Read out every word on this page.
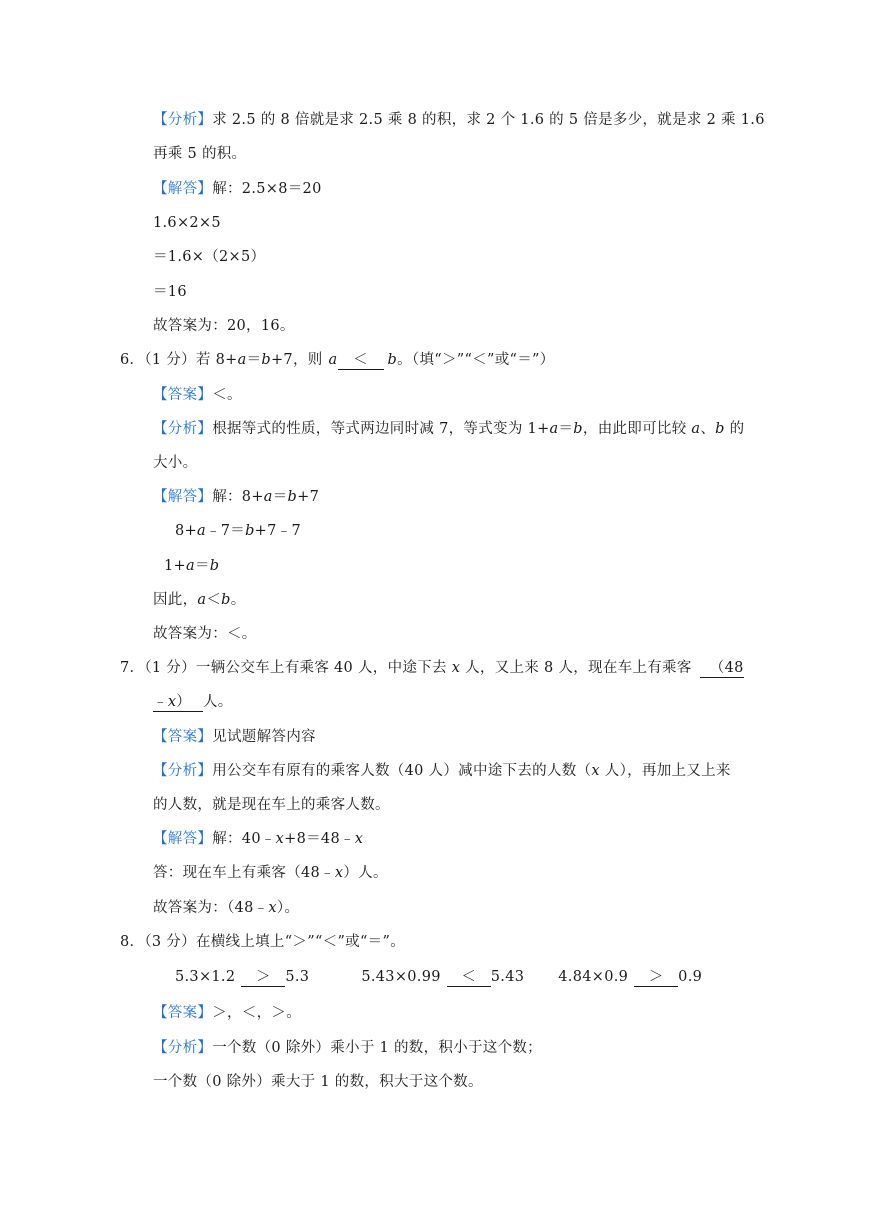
【分析】求 2.5 的 8 倍就是求 2.5 乘 8 的积，求 2 个 1.6 的 5 倍是多少，就是求 2 乘 1.6
再乘 5 的积。
【解答】解：2.5×8＝20
1.6×2×5
＝1.6×（2×5）
＝16
故答案为：20，16。
6．（1 分）若 8+a＝b+7，则 a ＜ b。（填“＞”“＜”或“＝”）
【答案】＜。
【分析】根据等式的性质，等式两边同时减 7，等式变为 1+a＝b，由此即可比较 a、b 的
大小。
【解答】解：8+a＝b+7
8+a﹣7＝b+7﹣7
1+a＝b
因此，a＜b。
故答案为：＜。
7．（1 分）一辆公交车上有乘客 40 人，中途下去 x 人，又上来 8 人，现在车上有乘客 （48
﹣x） 人。
【答案】见试题解答内容
【分析】用公交车有原有的乘客人数（40 人）减中途下去的人数（x 人），再加上又上来
的人数，就是现在车上的乘客人数。
【解答】解：40﹣x+8＝48﹣x
答：现在车上有乘客（48﹣x）人。
故答案为：（48﹣x）。
8．（3 分）在横线上填上“＞”“＜”或“＝”。
5.3×1.2 ＞ 5.3	5.43×0.99 ＜ 5.43 4.84×0.9 ＞ 0.9
【答案】＞，＜，＞。
【分析】一个数（0 除外）乘小于 1 的数，积小于这个数；
一个数（0 除外）乘大于 1 的数，积大于这个数。
